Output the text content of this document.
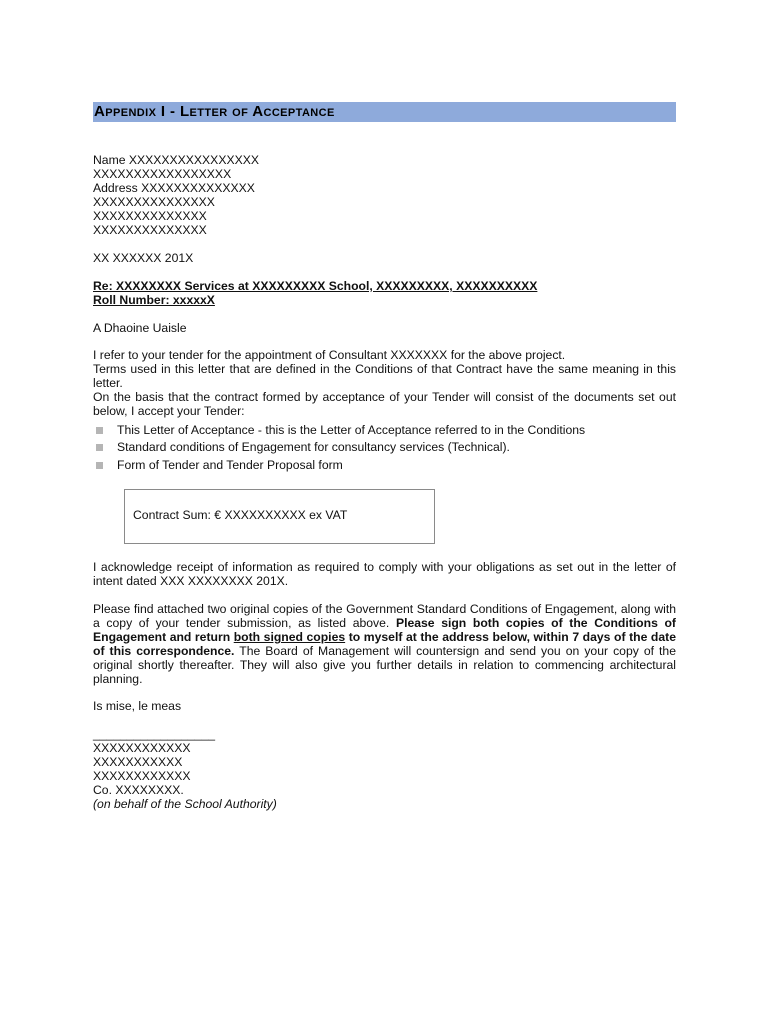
Appendix I - Letter of Acceptance
Name XXXXXXXXXXXXXXXX
XXXXXXXXXXXXXXXXX
Address XXXXXXXXXXXXXX
XXXXXXXXXXXXXXX
XXXXXXXXXXXXXX
XXXXXXXXXXXXXX
XX XXXXXX 201X
Re: XXXXXXXX Services at XXXXXXXXX School, XXXXXXXXX, XXXXXXXXXX
Roll Number: xxxxxX
A Dhaoine Uaisle
I refer to your tender for the appointment of Consultant XXXXXXX for the above project.
Terms used in this letter that are defined in the Conditions of that Contract have the same meaning in this letter.
On the basis that the contract formed by acceptance of your Tender will consist of the documents set out below, I accept your Tender:
This Letter of Acceptance - this is the Letter of Acceptance referred to in the Conditions
Standard conditions of Engagement for consultancy services (Technical).
Form of Tender and Tender Proposal form
Contract Sum: € XXXXXXXXXX ex VAT
I acknowledge receipt of information as required to comply with your obligations as set out in the letter of intent dated XXX XXXXXXXX 201X.
Please find attached two original copies of the Government Standard Conditions of Engagement, along with a copy of your tender submission, as listed above. Please sign both copies of the Conditions of Engagement and return both signed copies to myself at the address below, within 7 days of the date of this correspondence. The Board of Management will countersign and send you on your copy of the original shortly thereafter. They will also give you further details in relation to commencing architectural planning.
Is mise, le meas
__________________
XXXXXXXXXXXX
XXXXXXXXXXX
XXXXXXXXXXXX
Co. XXXXXXXX.
(on behalf of the School Authority)
